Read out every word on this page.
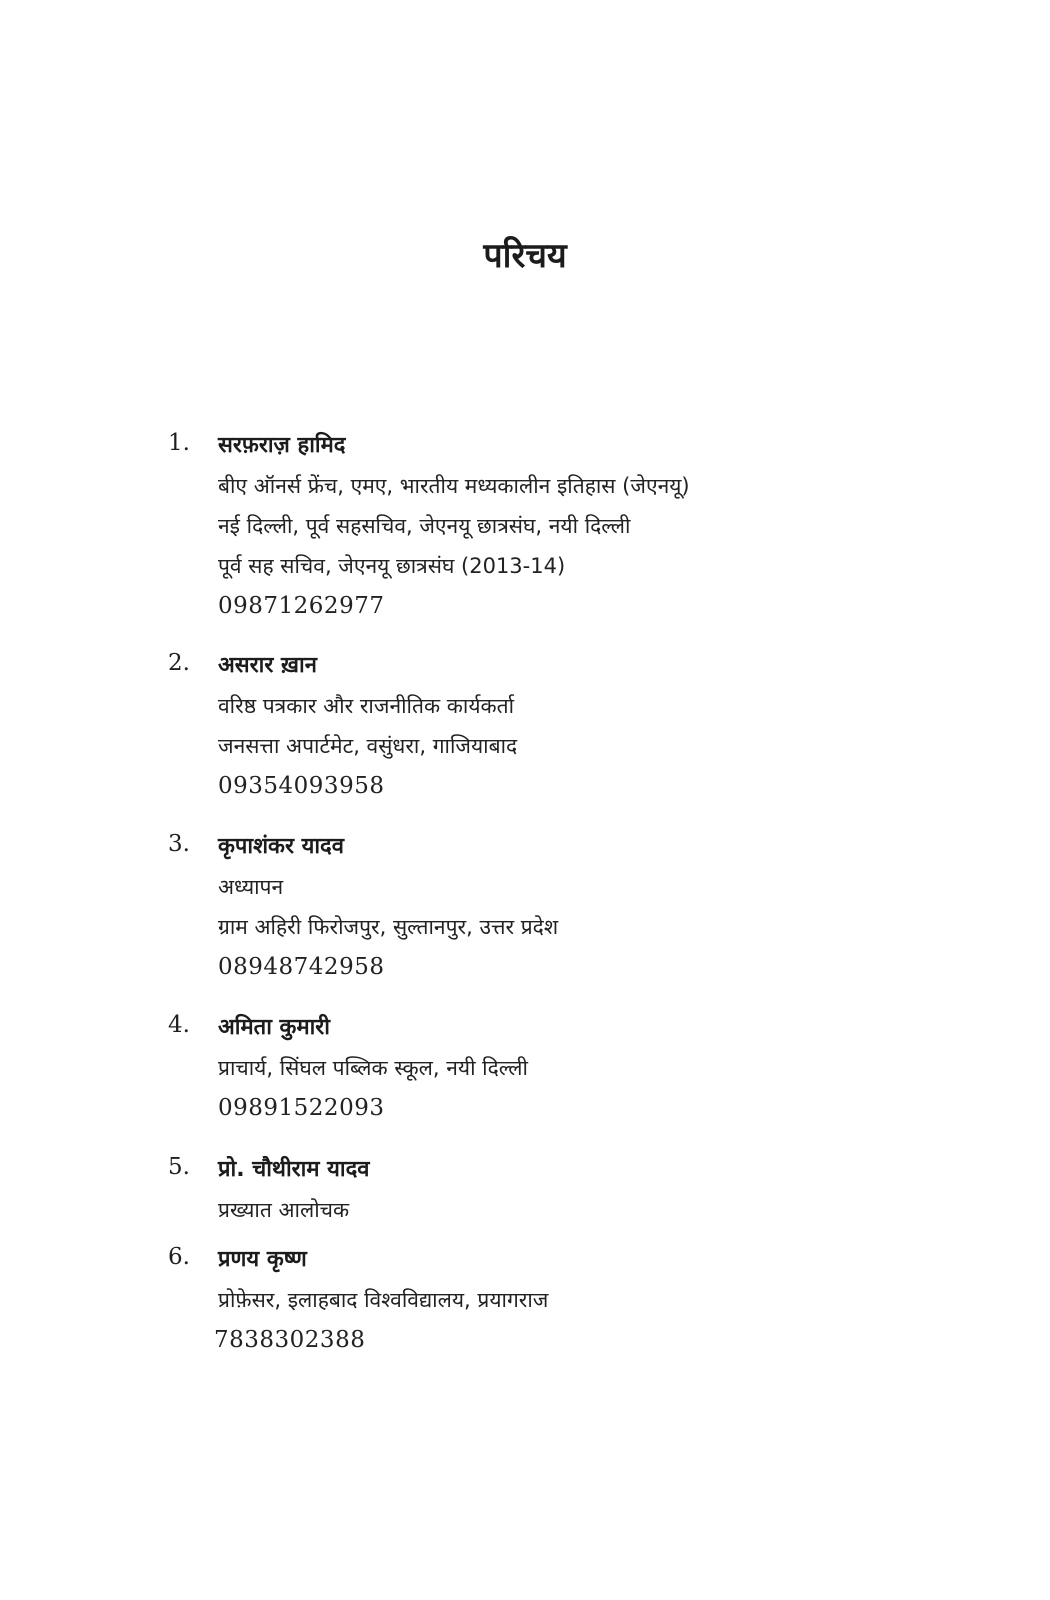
परिचय
1. सरफ़राज़ हामिद
बीए ऑनर्स फ्रेंच, एमए, भारतीय मध्यकालीन इतिहास (जेएनयू)
नई दिल्ली, पूर्व सहसचिव, जेएनयू छात्रसंघ, नयी दिल्ली
पूर्व सह सचिव, जेएनयू छात्रसंघ (2013-14)
09871262977
2. असरार ख़ान
वरिष्ठ पत्रकार और राजनीतिक कार्यकर्ता
जनसत्ता अपार्टमेट, वसुंधरा, गाजियाबाद
09354093958
3. कृपाशंकर यादव
अध्यापन
ग्राम अहिरी फिरोजपुर, सुल्तानपुर, उत्तर प्रदेश
08948742958
4. अमिता कुमारी
प्राचार्य, सिंघल पब्लिक स्कूल, नयी दिल्ली
09891522093
5. प्रो. चौथीराम यादव
प्रख्यात आलोचक
6. प्रणय कृष्ण
प्रोफ़ेसर, इलाहबाद विश्वविद्यालय, प्रयागराज
7838302388
